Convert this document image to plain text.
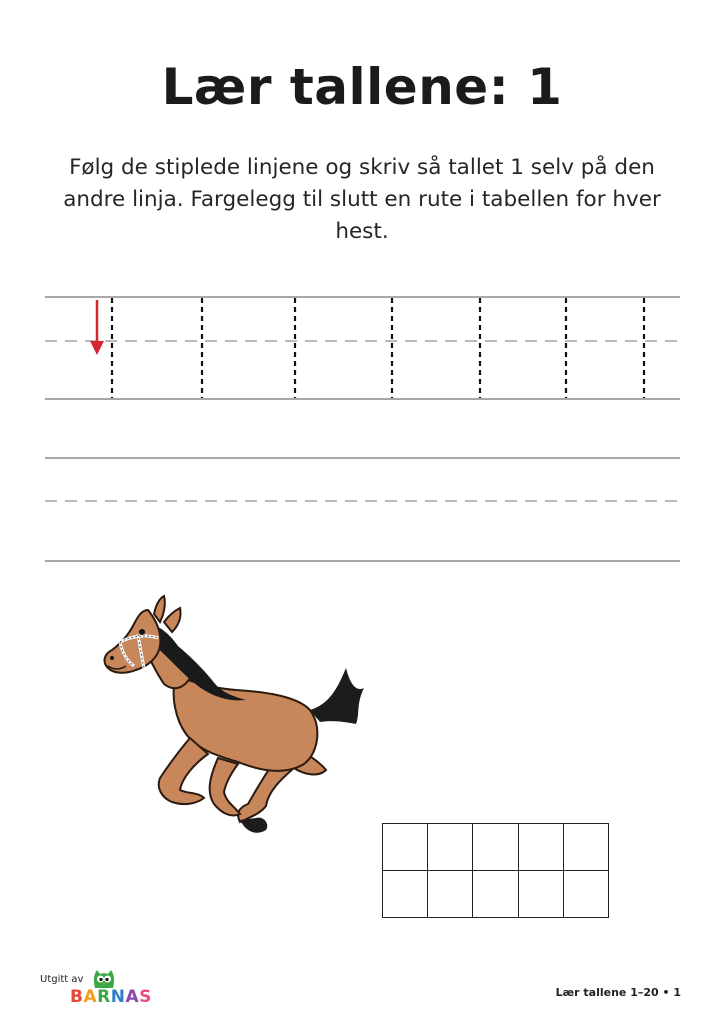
Lær tallene: 1
Følg de stiplede linjene og skriv så tallet 1 selv på den andre linja. Fargelegg til slutt en rute i tabellen for hver hest.

Utgitt av
BARNAS	Lær tallene 1–20 • 1
